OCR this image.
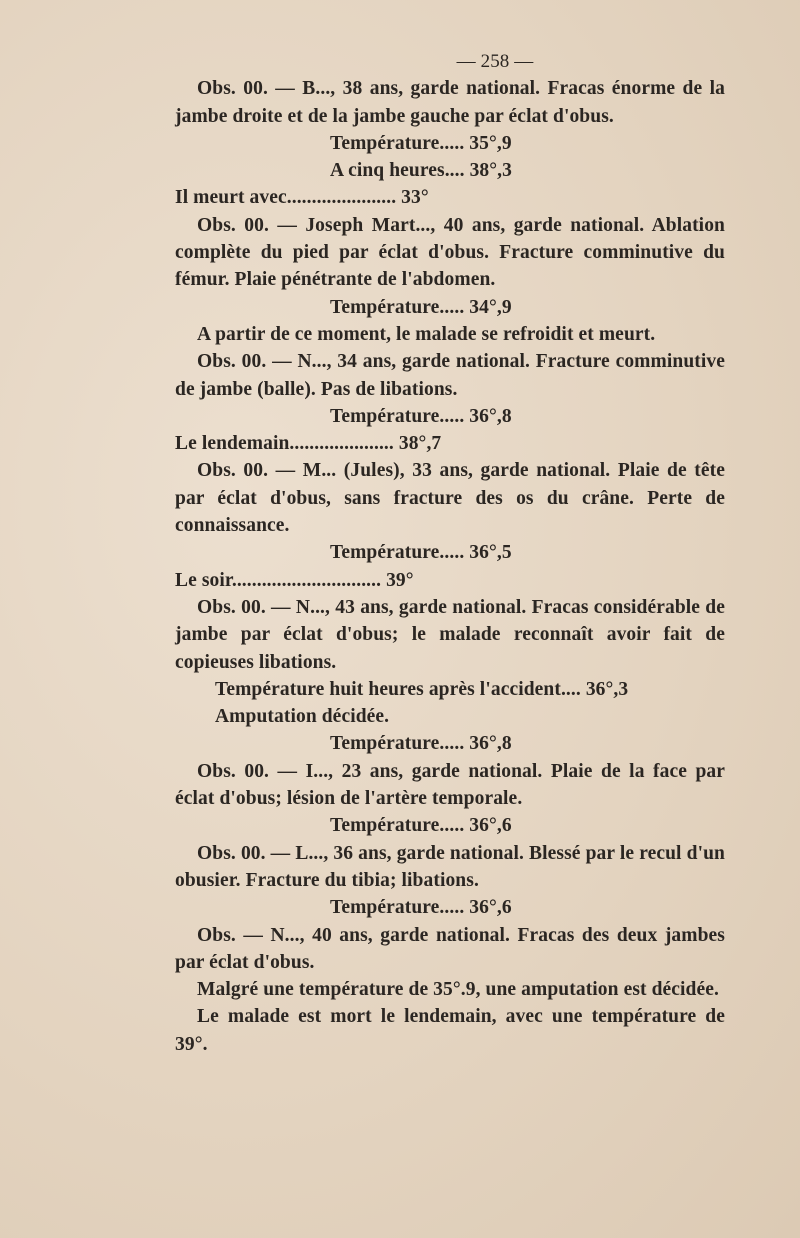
— 258 —
Obs. 00. — B..., 38 ans, garde national. Fracas énorme de la jambe droite et de la jambe gauche par éclat d'obus.
Température..... 35°,9
A cinq heures.... 38°,3
Il meurt avec...................... 33°
Obs. 00. — Joseph Mart..., 40 ans, garde national. Ablation complète du pied par éclat d'obus. Fracture comminutive du fémur. Plaie pénétrante de l'abdomen.
Température..... 34°,9
A partir de ce moment, le malade se refroidit et meurt.
Obs. 00. — N..., 34 ans, garde national. Fracture comminutive de jambe (balle). Pas de libations.
Température..... 36°,8
Le lendemain..................... 38°,7
Obs. 00. — M... (Jules), 33 ans, garde national. Plaie de tête par éclat d'obus, sans fracture des os du crâne. Perte de connaissance.
Température..... 36°,5
Le soir.............................. 39°
Obs. 00. — N..., 43 ans, garde national. Fracas considérable de jambe par éclat d'obus; le malade reconnaît avoir fait de copieuses libations.
Température huit heures après l'accident.... 36°,3
Amputation décidée.
Température..... 36°,8
Obs. 00. — I..., 23 ans, garde national. Plaie de la face par éclat d'obus; lésion de l'artère temporale.
Température..... 36°,6
Obs. 00. — L..., 36 ans, garde national. Blessé par le recul d'un obusier. Fracture du tibia; libations.
Température..... 36°,6
Obs. — N..., 40 ans, garde national. Fracas des deux jambes par éclat d'obus.
Malgré une température de 35°.9, une amputation est décidée.
Le malade est mort le lendemain, avec une température de 39°.
